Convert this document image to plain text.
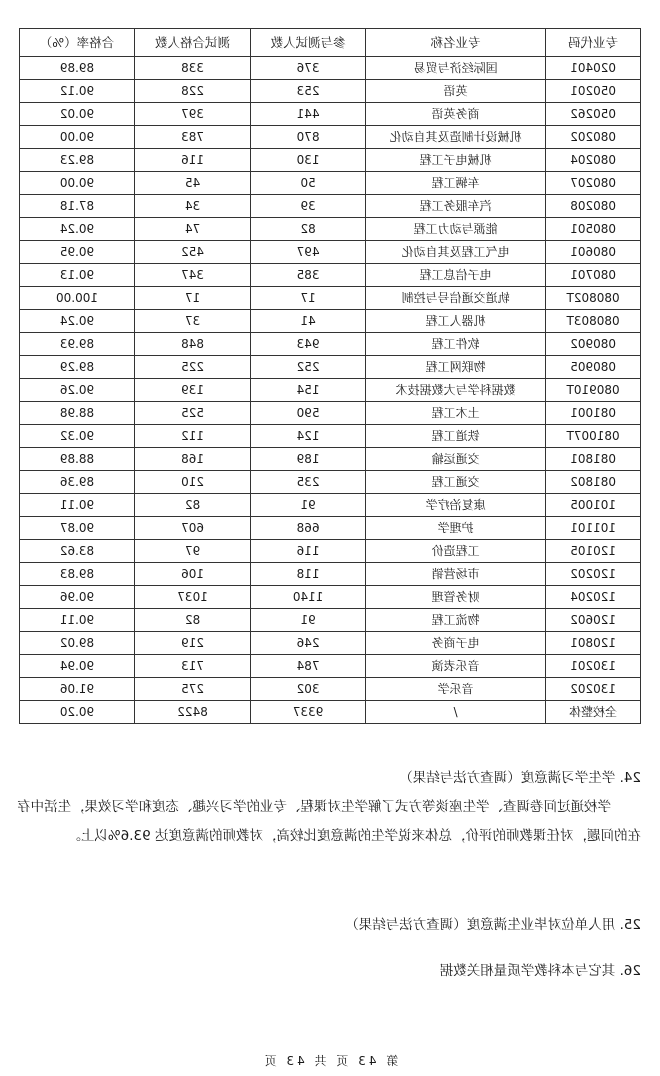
专业代码	专业名称	参与测试人数	测试合格人数	合格率（%）
020401	国际经济与贸易	376	338	89.89
050201	英语	253	228	90.12
050262	商务英语	441	397	90.02
080202	机械设计制造及其自动化	870	783	90.00
080204	机械电子工程	130	116	89.23
080207	车辆工程	50	45	90.00
080208	汽车服务工程	39	34	87.18
080501	能源与动力工程	82	74	90.24
080601	电气工程及其自动化	497	452	90.95
080701	电子信息工程	385	347	90.13
080802T	轨道交通信号与控制	17	17	100.00
080803T	机器人工程	41	37	90.24
080902	软件工程	943	848	89.93
080905	物联网工程	252	225	89.29
080910T	数据科学与大数据技术	154	139	90.26
081001	土木工程	590	525	88.98
081007T	铁道工程	124	112	90.32
081801	交通运输	189	168	88.89
081802	交通工程	235	210	89.36
101005	康复治疗学	91	82	90.11
101101	护理学	668	607	90.87
120105	工程造价	116	97	83.62
120202	市场营销	118	106	89.83
120204	财务管理	1140	1037	90.96
120602	物流工程	91	82	90.11
120801	电子商务	246	219	89.02
130201	音乐表演	784	713	90.94
130202	音乐学	302	275	91.06
全校整体	/	9337	8422	90.20
24. 学生学习满意度（调查方法与结果）
学校通过问卷调查、学生座谈等方式了解学生对课程、专业的学习兴趣、态度和学习效果，生活中存在的问题，对任课教师的评价，总体来说学生的满意度比较高，对教师的满意度达 93.6%以上。
25. 用人单位对毕业生满意度（调查方法与结果）
26. 其它与本科教学质量相关数据
第 43 页 共 43 页
